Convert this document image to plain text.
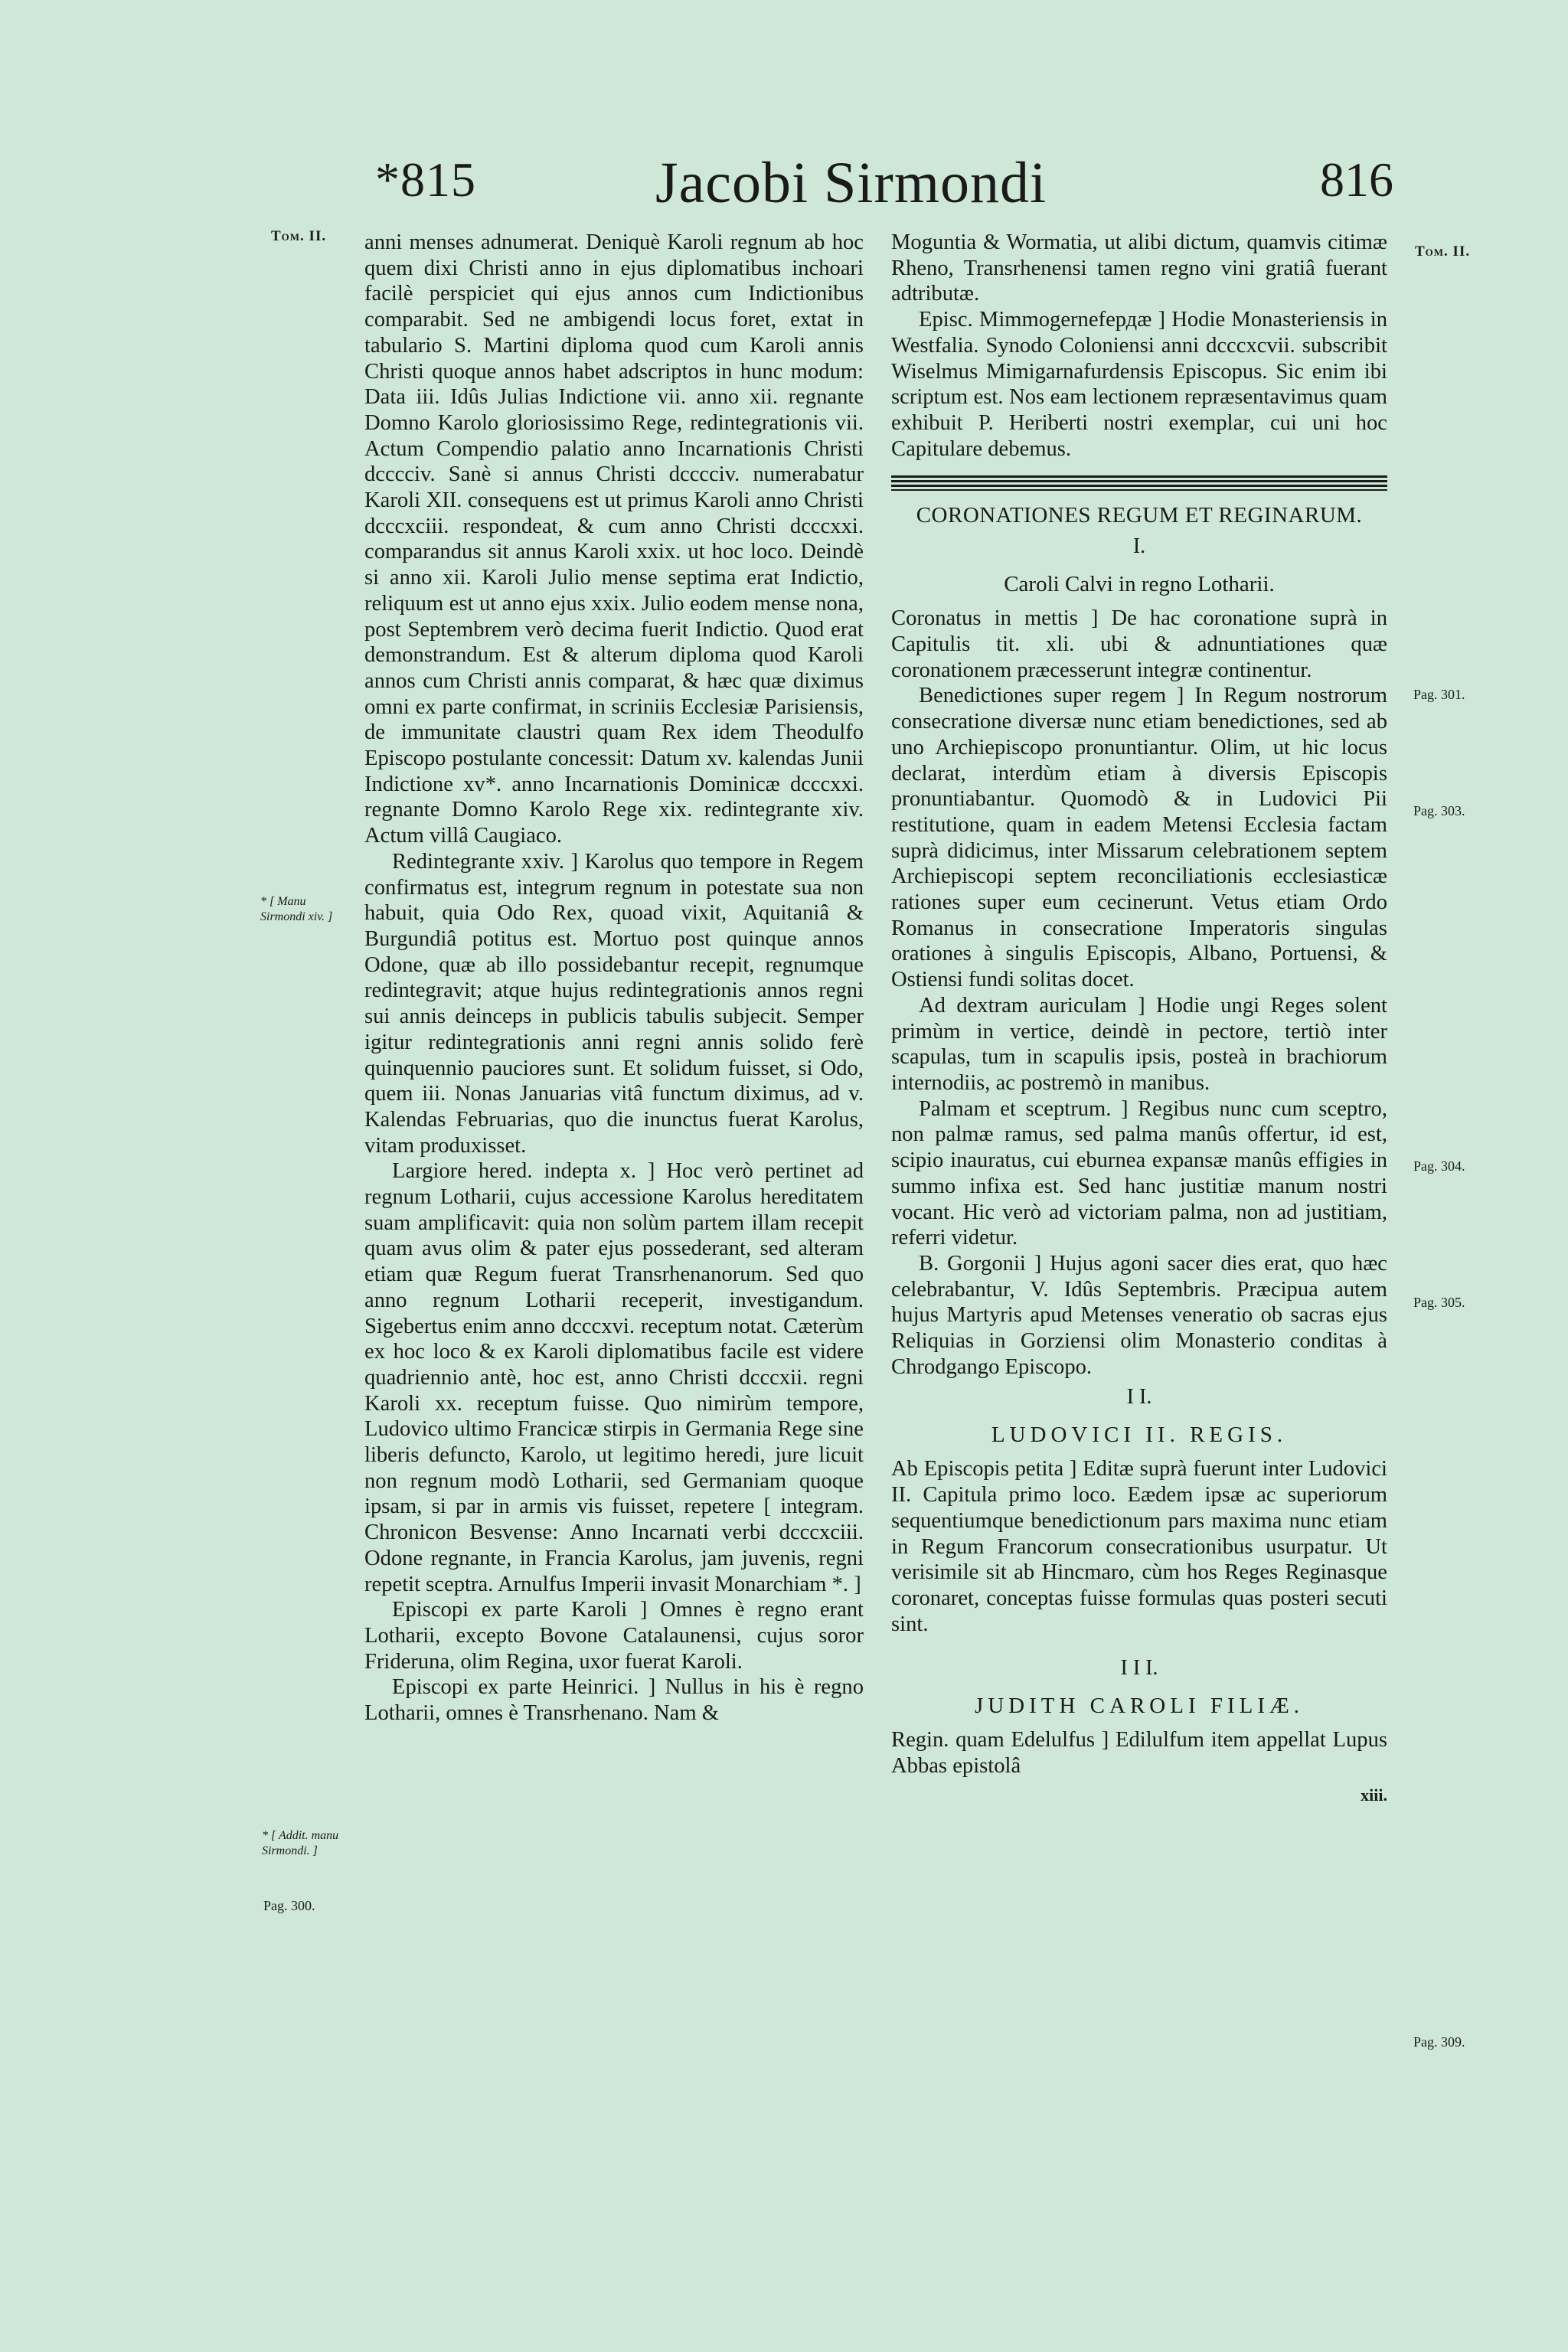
*815	Jacobi Sirmondi	816
Tom. II.
Tom. II.
* [ Manu Sirmondi xiv. ]
* [ Addit. manu Sirmondi. ]
Pag. 300.
Pag. 301.
Pag. 303.
Pag. 304.
Pag. 305.
Pag. 309.

anni menses adnumerat. Deniquè Karoli regnum ab hoc quem dixi Christi anno in ejus diplomatibus inchoari facilè perspiciet qui ejus annos cum Indictionibus comparabit. Sed ne ambigendi locus foret, extat in tabulario S. Martini diploma quod cum Karoli annis Christi quoque annos habet adscriptos in hunc modum: Data iii. Idûs Julias Indictione vii. anno xii. regnante Domno Karolo gloriosissimo Rege, redintegrationis vii. Actum Compendio palatio anno Incarnationis Christi dcccciv. Sanè si annus Christi dcccciv. numerabatur Karoli XII. consequens est ut primus Karoli anno Christi dcccxciii. respondeat, & cum anno Christi dcccxxi. comparandus sit annus Karoli xxix. ut hoc loco. Deindè si anno xii. Karoli Julio mense septima erat Indictio, reliquum est ut anno ejus xxix. Julio eodem mense nona, post Septembrem verò decima fuerit Indictio. Quod erat demonstrandum. Est & alterum diploma quod Karoli annos cum Christi annis comparat, & hæc quæ diximus omni ex parte confirmat, in scriniis Ecclesiæ Parisiensis, de immunitate claustri quam Rex idem Theodulfo Episcopo postulante concessit: Datum xv. kalendas Junii Indictione xv*. anno Incarnationis Dominicæ dcccxxi. regnante Domno Karolo Rege xix. redintegrante xiv. Actum villâ Caugiaco.

Redintegrante xxiv. ] Karolus quo tempore in Regem confirmatus est, integrum regnum in potestate sua non habuit, quia Odo Rex, quoad vixit, Aquitaniâ & Burgundiâ potitus est. Mortuo post quinque annos Odone, quæ ab illo possidebantur recepit, regnumque redintegravit; atque hujus redintegrationis annos regni sui annis deinceps in publicis tabulis subjecit. Semper igitur redintegrationis anni regni annis solido ferè quinquennio pauciores sunt. Et solidum fuisset, si Odo, quem iii. Nonas Januarias vitâ functum diximus, ad v. Kalendas Februarias, quo die inunctus fuerat Karolus, vitam produxisset.

Largiore hered. indepta x. ] Hoc verò pertinet ad regnum Lotharii, cujus accessione Karolus hereditatem suam amplificavit: quia non solùm partem illam recepit quam avus olim & pater ejus possederant, sed alteram etiam quæ Regum fuerat Transrhenanorum. Sed quo anno regnum Lotharii receperit, investigandum. Sigebertus enim anno dcccxvi. receptum notat. Cæterùm ex hoc loco & ex Karoli diplomatibus facile est videre quadriennio antè, hoc est, anno Christi dcccxii. regni Karoli xx. receptum fuisse. Quo nimirùm tempore, Ludovico ultimo Francicæ stirpis in Germania Rege sine liberis defuncto, Karolo, ut legitimo heredi, jure licuit non regnum modò Lotharii, sed Germaniam quoque ipsam, si par in armis vis fuisset, repetere [ integram. Chronicon Besvense: Anno Incarnati verbi dcccxciii. Odone regnante, in Francia Karolus, jam juvenis, regni repetit sceptra. Arnulfus Imperii invasit Monarchiam *. ]

Episcopi ex parte Karoli ] Omnes è regno erant Lotharii, excepto Bovone Catalaunensi, cujus soror Frideruna, olim Regina, uxor fuerat Karoli.

Episcopi ex parte Heinrici. ] Nullus in his è regno Lotharii, omnes è Transrhenano. Nam &

Moguntia & Wormatia, ut alibi dictum, quamvis citimæ Rheno, Transrhenensi tamen regno vini gratiâ fuerant adtributæ.

Episc. Mimmogernefердæ ] Hodie Monasteriensis in Westfalia. Synodo Coloniensi anni dcccxcvii. subscribit Wiselmus Mimigarnafurdensis Episcopus. Sic enim ibi scriptum est. Nos eam lectionem repræsentavimus quam exhibuit P. Heriberti nostri exemplar, cui uni hoc Capitulare debemus.

CORONATIONES REGUM ET REGINARUM.
I.
Caroli Calvi in regno Lotharii.

Coronatus in mettis ] De hac coronatione suprà in Capitulis tit. xli. ubi & adnuntiationes quæ coronationem præcesserunt integræ continentur.

Benedictiones super regem ] In Regum nostrorum consecratione diversæ nunc etiam benedictiones, sed ab uno Archiepiscopo pronuntiantur. Olim, ut hic locus declarat, interdùm etiam à diversis Episcopis pronuntiabantur. Quomodò & in Ludovici Pii restitutione, quam in eadem Metensi Ecclesia factam suprà didicimus, inter Missarum celebrationem septem Archiepiscopi septem reconciliationis ecclesiasticæ rationes super eum cecinerunt. Vetus etiam Ordo Romanus in consecratione Imperatoris singulas orationes à singulis Episcopis, Albano, Portuensi, & Ostiensi fundi solitas docet.

Ad dextram auriculam ] Hodie ungi Reges solent primùm in vertice, deindè in pectore, tertiò inter scapulas, tum in scapulis ipsis, posteà in brachiorum internodiis, ac postremò in manibus.

Palmam et sceptrum. ] Regibus nunc cum sceptro, non palmæ ramus, sed palma manûs offertur, id est, scipio inauratus, cui eburnea expansæ manûs effigies in summo infixa est. Sed hanc justitiæ manum nostri vocant. Hic verò ad victoriam palma, non ad justitiam, referri videtur.

B. Gorgonii ] Hujus agoni sacer dies erat, quo hæc celebrabantur, V. Idûs Septembris. Præcipua autem hujus Martyris apud Metenses veneratio ob sacras ejus Reliquias in Gorziensi olim Monasterio conditas à Chrodgango Episcopo.

I I.
LUDOVICI II. REGIS.

Ab Episcopis petita ] Editæ suprà fuerunt inter Ludovici II. Capitula primo loco. Eædem ipsæ ac superiorum sequentiumque benedictionum pars maxima nunc etiam in Regum Francorum consecrationibus usurpatur. Ut verisimile sit ab Hincmaro, cùm hos Reges Reginasque coronaret, conceptas fuisse formulas quas posteri secuti sint.

I I I.
JUDITH CAROLI FILIÆ.

Regin. quam Edelulfus ] Edilulfum item appellat Lupus Abbas epistolâ

xiii.
